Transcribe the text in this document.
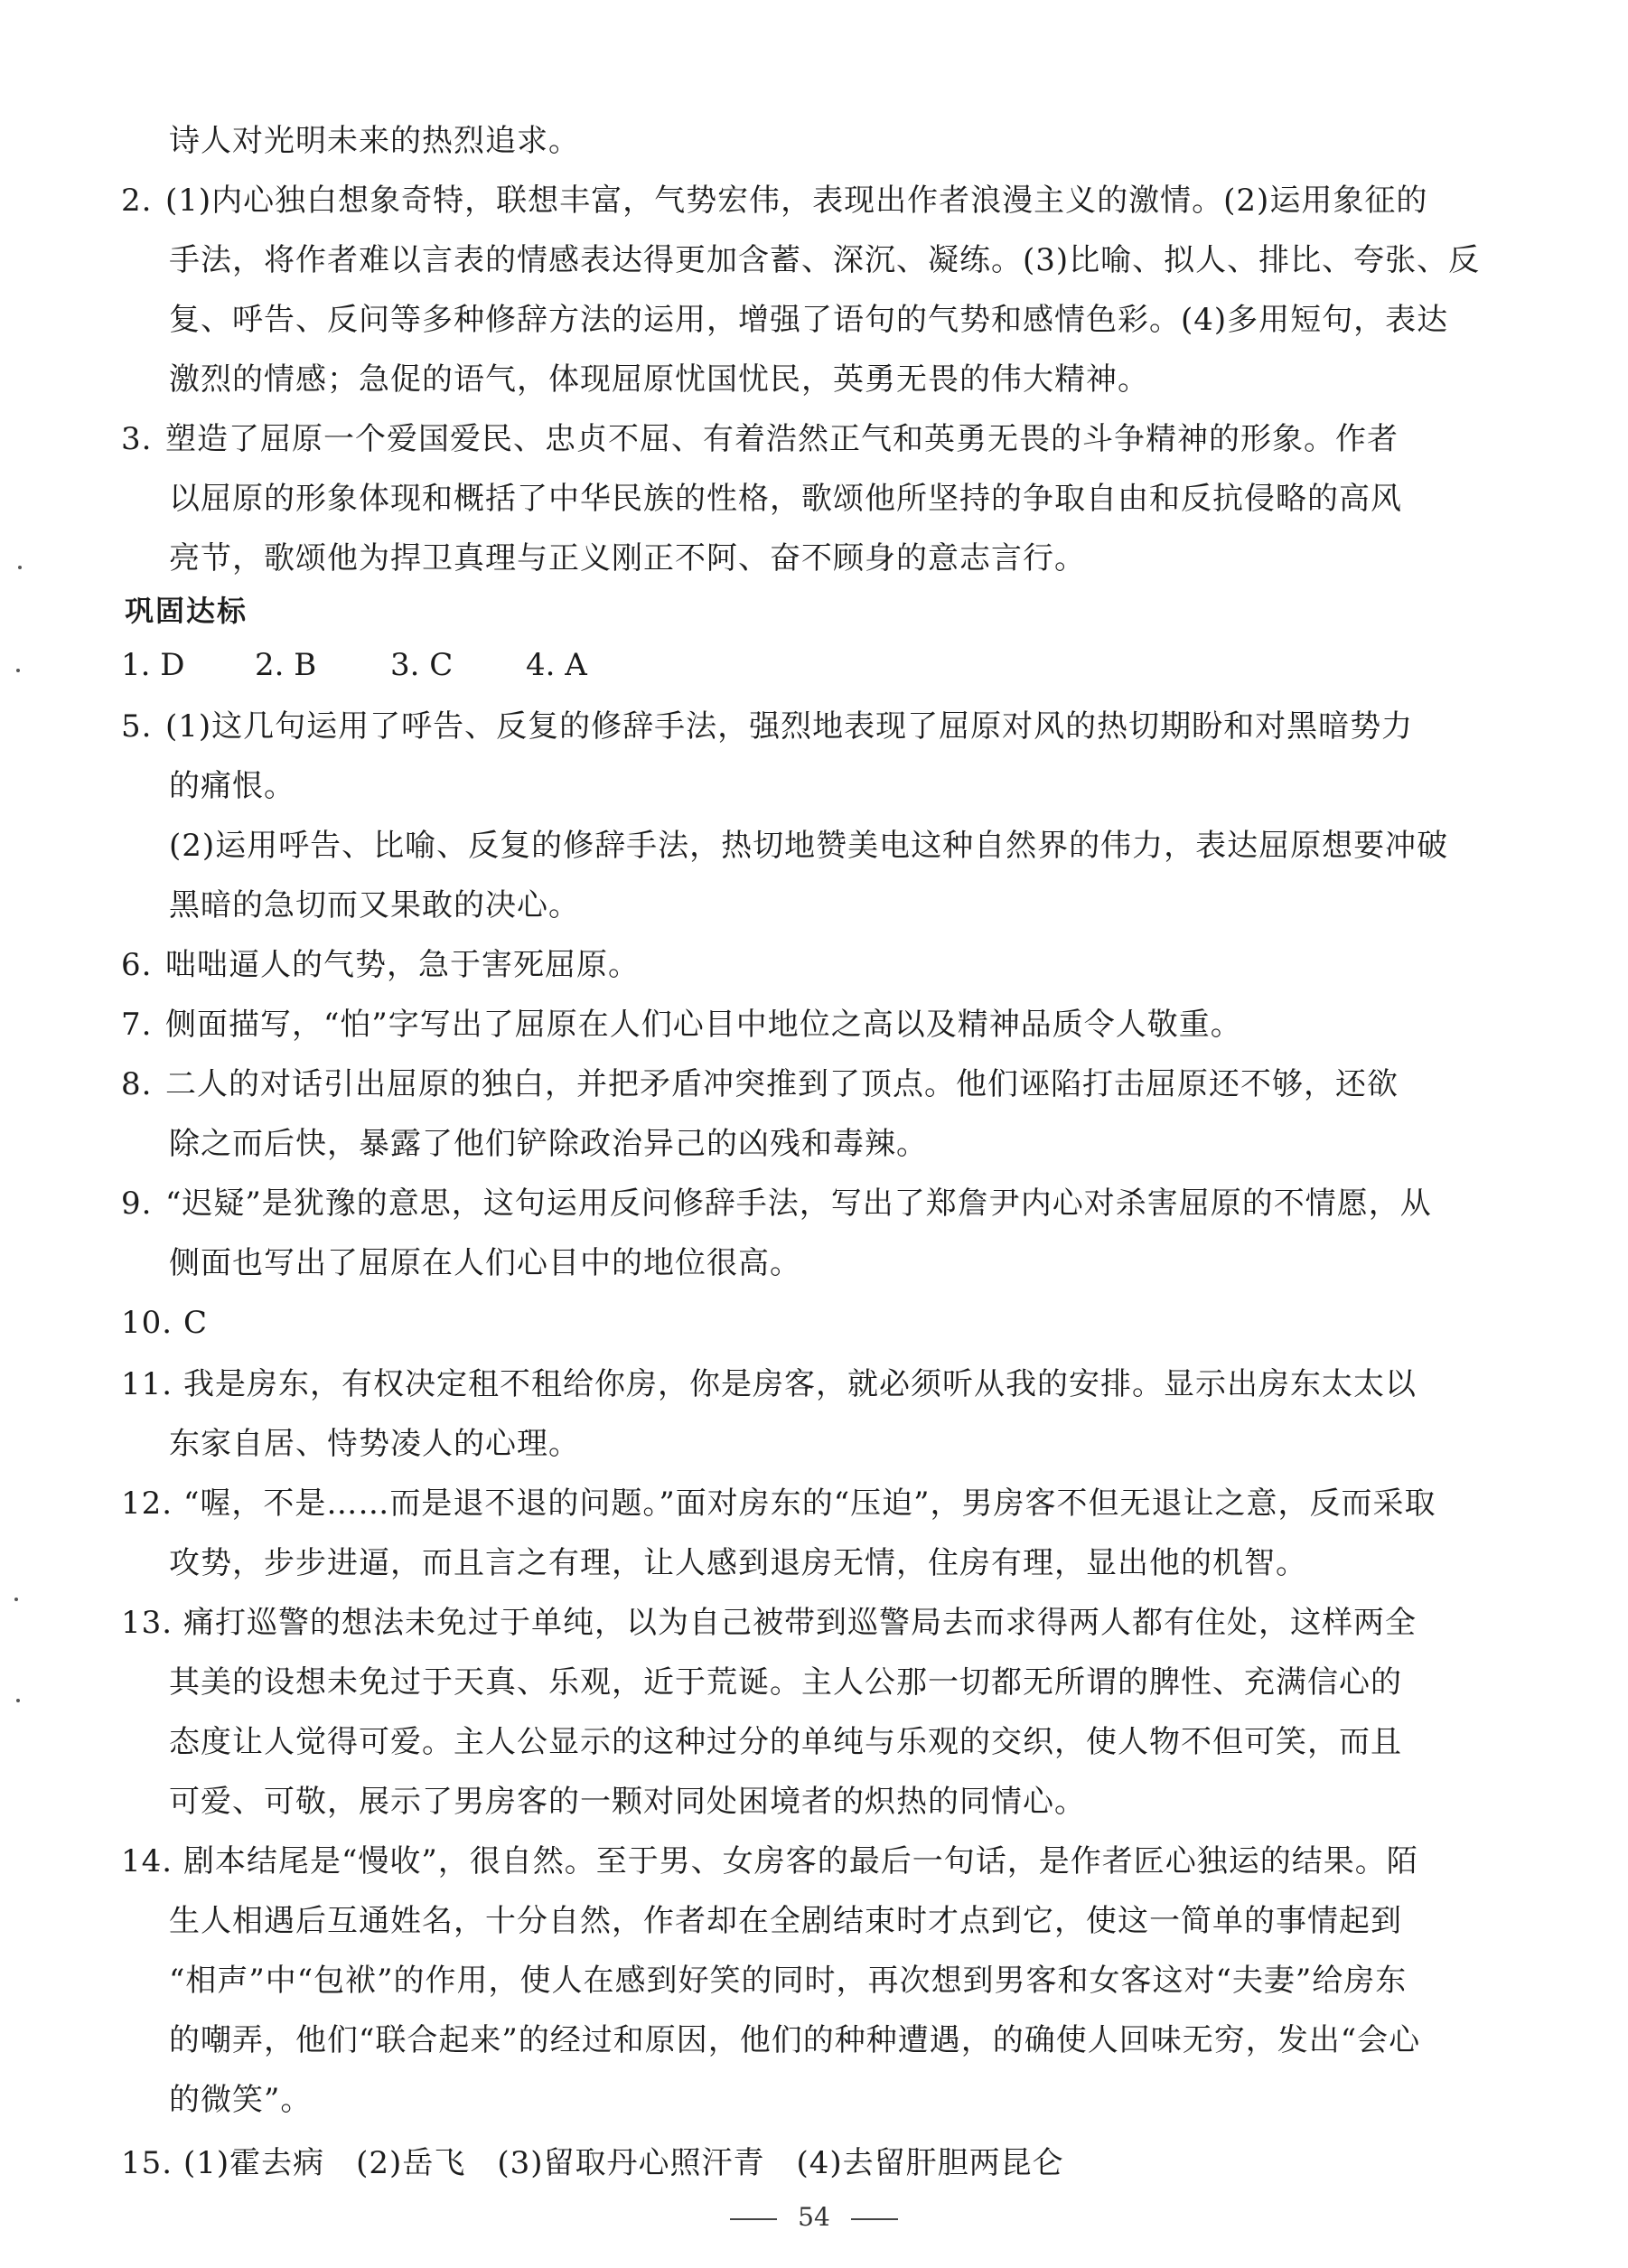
诗人对光明未来的热烈追求。
2. (1)内心独白想象奇特，联想丰富，气势宏伟，表现出作者浪漫主义的激情。(2)运用象征的
手法，将作者难以言表的情感表达得更加含蓄、深沉、凝练。(3)比喻、拟人、排比、夸张、反
复、呼告、反问等多种修辞方法的运用，增强了语句的气势和感情色彩。(4)多用短句，表达
激烈的情感；急促的语气，体现屈原忧国忧民，英勇无畏的伟大精神。
3. 塑造了屈原一个爱国爱民、忠贞不屈、有着浩然正气和英勇无畏的斗争精神的形象。作者
以屈原的形象体现和概括了中华民族的性格，歌颂他所坚持的争取自由和反抗侵略的高风
亮节，歌颂他为捍卫真理与正义刚正不阿、奋不顾身的意志言行。
巩固达标
1. D 2. B 3. C 4. A
5. (1)这几句运用了呼告、反复的修辞手法，强烈地表现了屈原对风的热切期盼和对黑暗势力
的痛恨。
(2)运用呼告、比喻、反复的修辞手法，热切地赞美电这种自然界的伟力，表达屈原想要冲破
黑暗的急切而又果敢的决心。
6. 咄咄逼人的气势，急于害死屈原。
7. 侧面描写，“怕”字写出了屈原在人们心目中地位之高以及精神品质令人敬重。
8. 二人的对话引出屈原的独白，并把矛盾冲突推到了顶点。他们诬陷打击屈原还不够，还欲
除之而后快，暴露了他们铲除政治异己的凶残和毒辣。
9. “迟疑”是犹豫的意思，这句运用反问修辞手法，写出了郑詹尹内心对杀害屈原的不情愿，从
侧面也写出了屈原在人们心目中的地位很高。
10. C
11. 我是房东，有权决定租不租给你房，你是房客，就必须听从我的安排。显示出房东太太以
东家自居、恃势凌人的心理。
12. “喔，不是……而是退不退的问题。”面对房东的“压迫”，男房客不但无退让之意，反而采取
攻势，步步进逼，而且言之有理，让人感到退房无情，住房有理，显出他的机智。
13. 痛打巡警的想法未免过于单纯，以为自己被带到巡警局去而求得两人都有住处，这样两全
其美的设想未免过于天真、乐观，近于荒诞。主人公那一切都无所谓的脾性、充满信心的
态度让人觉得可爱。主人公显示的这种过分的单纯与乐观的交织，使人物不但可笑，而且
可爱、可敬，展示了男房客的一颗对同处困境者的炽热的同情心。
14. 剧本结尾是“慢收”，很自然。至于男、女房客的最后一句话，是作者匠心独运的结果。陌
生人相遇后互通姓名，十分自然，作者却在全剧结束时才点到它，使这一简单的事情起到
“相声”中“包袱”的作用，使人在感到好笑的同时，再次想到男客和女客这对“夫妻”给房东
的嘲弄，他们“联合起来”的经过和原因，他们的种种遭遇，的确使人回味无穷，发出“会心
的微笑”。
15. (1)霍去病　(2)岳飞　(3)留取丹心照汗青　(4)去留肝胆两昆仑
54
